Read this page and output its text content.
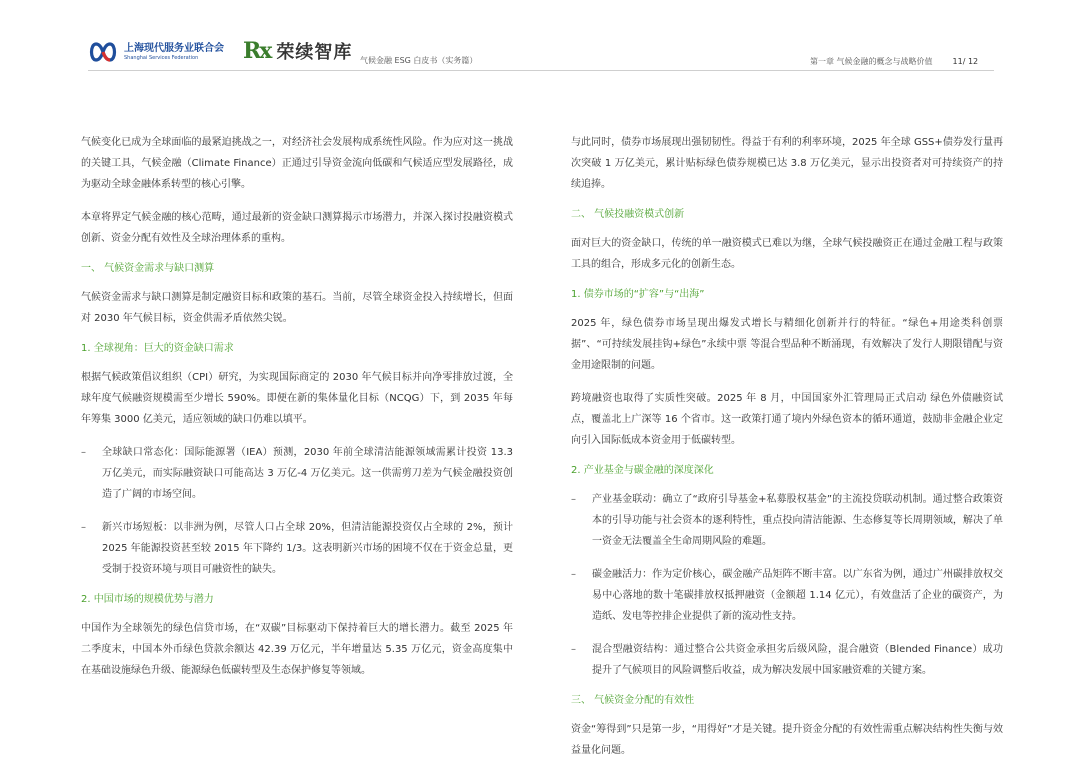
上海现代服务业联合会
Shanghai Services Federation	Rx 荣续智库 气候金融 ESG 白皮书（实务篇）	第一章 气候金融的概念与战略价值	11/ 12

气候变化已成为全球面临的最紧迫挑战之一，对经济社会发展构成系统性风险。作为应对这一挑战的关键工具，气候金融（Climate Finance）正通过引导资金流向低碳和气候适应型发展路径，成为驱动全球金融体系转型的核心引擎。

本章将界定气候金融的核心范畴，通过最新的资金缺口测算揭示市场潜力，并深入探讨投融资模式创新、资金分配有效性及全球治理体系的重构。

一、 气候资金需求与缺口测算

气候资金需求与缺口测算是制定融资目标和政策的基石。当前，尽管全球资金投入持续增长，但面对 2030 年气候目标，资金供需矛盾依然尖锐。

1. 全球视角：巨大的资金缺口需求

根据气候政策倡议组织（CPI）研究，为实现国际商定的 2030 年气候目标并向净零排放过渡，全球年度气候融资规模需至少增长 590%。即便在新的集体量化目标（NCQG）下，到 2035 年每年筹集 3000 亿美元，适应领域的缺口仍难以填平。

–	全球缺口常态化：国际能源署（IEA）预测，2030 年前全球清洁能源领域需累计投资 13.3 万亿美元，而实际融资缺口可能高达 3 万亿-4 万亿美元。这一供需剪刀差为气候金融投资创造了广阔的市场空间。
–	新兴市场短板：以非洲为例，尽管人口占全球 20%，但清洁能源投资仅占全球的 2%，预计 2025 年能源投资甚至较 2015 年下降约 1/3。这表明新兴市场的困境不仅在于资金总量，更受制于投资环境与项目可融资性的缺失。
2. 中国市场的规模优势与潜力

中国作为全球领先的绿色信贷市场，在“双碳”目标驱动下保持着巨大的增长潜力。截至 2025 年二季度末，中国本外币绿色贷款余额达 42.39 万亿元，半年增量达 5.35 万亿元，资金高度集中在基础设施绿色升级、能源绿色低碳转型及生态保护修复等领域。

与此同时，债券市场展现出强韧韧性。得益于有利的利率环境，2025 年全球 GSS+债券发行量再次突破 1 万亿美元，累计贴标绿色债券规模已达 3.8 万亿美元，显示出投资者对可持续资产的持续追捧。

二、 气候投融资模式创新

面对巨大的资金缺口，传统的单一融资模式已难以为继，全球气候投融资正在通过金融工程与政策工具的组合，形成多元化的创新生态。

1. 债券市场的“扩容”与“出海”

2025 年，绿色债券市场呈现出爆发式增长与精细化创新并行的特征。“绿色+用途类科创票据”、“可持续发展挂钩+绿色”永续中票 等混合型品种不断涌现，有效解决了发行人期限错配与资金用途限制的问题。

跨境融资也取得了实质性突破。2025 年 8 月，中国国家外汇管理局正式启动 绿色外债融资试点，覆盖北上广深等 16 个省市。这一政策打通了境内外绿色资本的循环通道，鼓励非金融企业定向引入国际低成本资金用于低碳转型。

2. 产业基金与碳金融的深度深化
–	产业基金联动：确立了“政府引导基金+私募股权基金”的主流投贷联动机制。通过整合政策资本的引导功能与社会资本的逐利特性，重点投向清洁能源、生态修复等长周期领域，解决了单一资金无法覆盖全生命周期风险的难题。
–	碳金融活力：作为定价核心，碳金融产品矩阵不断丰富。以广东省为例，通过广州碳排放权交易中心落地的数十笔碳排放权抵押融资（金额超 1.14 亿元），有效盘活了企业的碳资产，为造纸、发电等控排企业提供了新的流动性支持。
–	混合型融资结构：通过整合公共资金承担劣后级风险，混合融资（Blended Finance）成功提升了气候项目的风险调整后收益，成为解决发展中国家融资难的关键方案。
三、 气候资金分配的有效性

资金“筹得到”只是第一步，“用得好”才是关键。提升资金分配的有效性需重点解决结构性失衡与效益量化问题。
